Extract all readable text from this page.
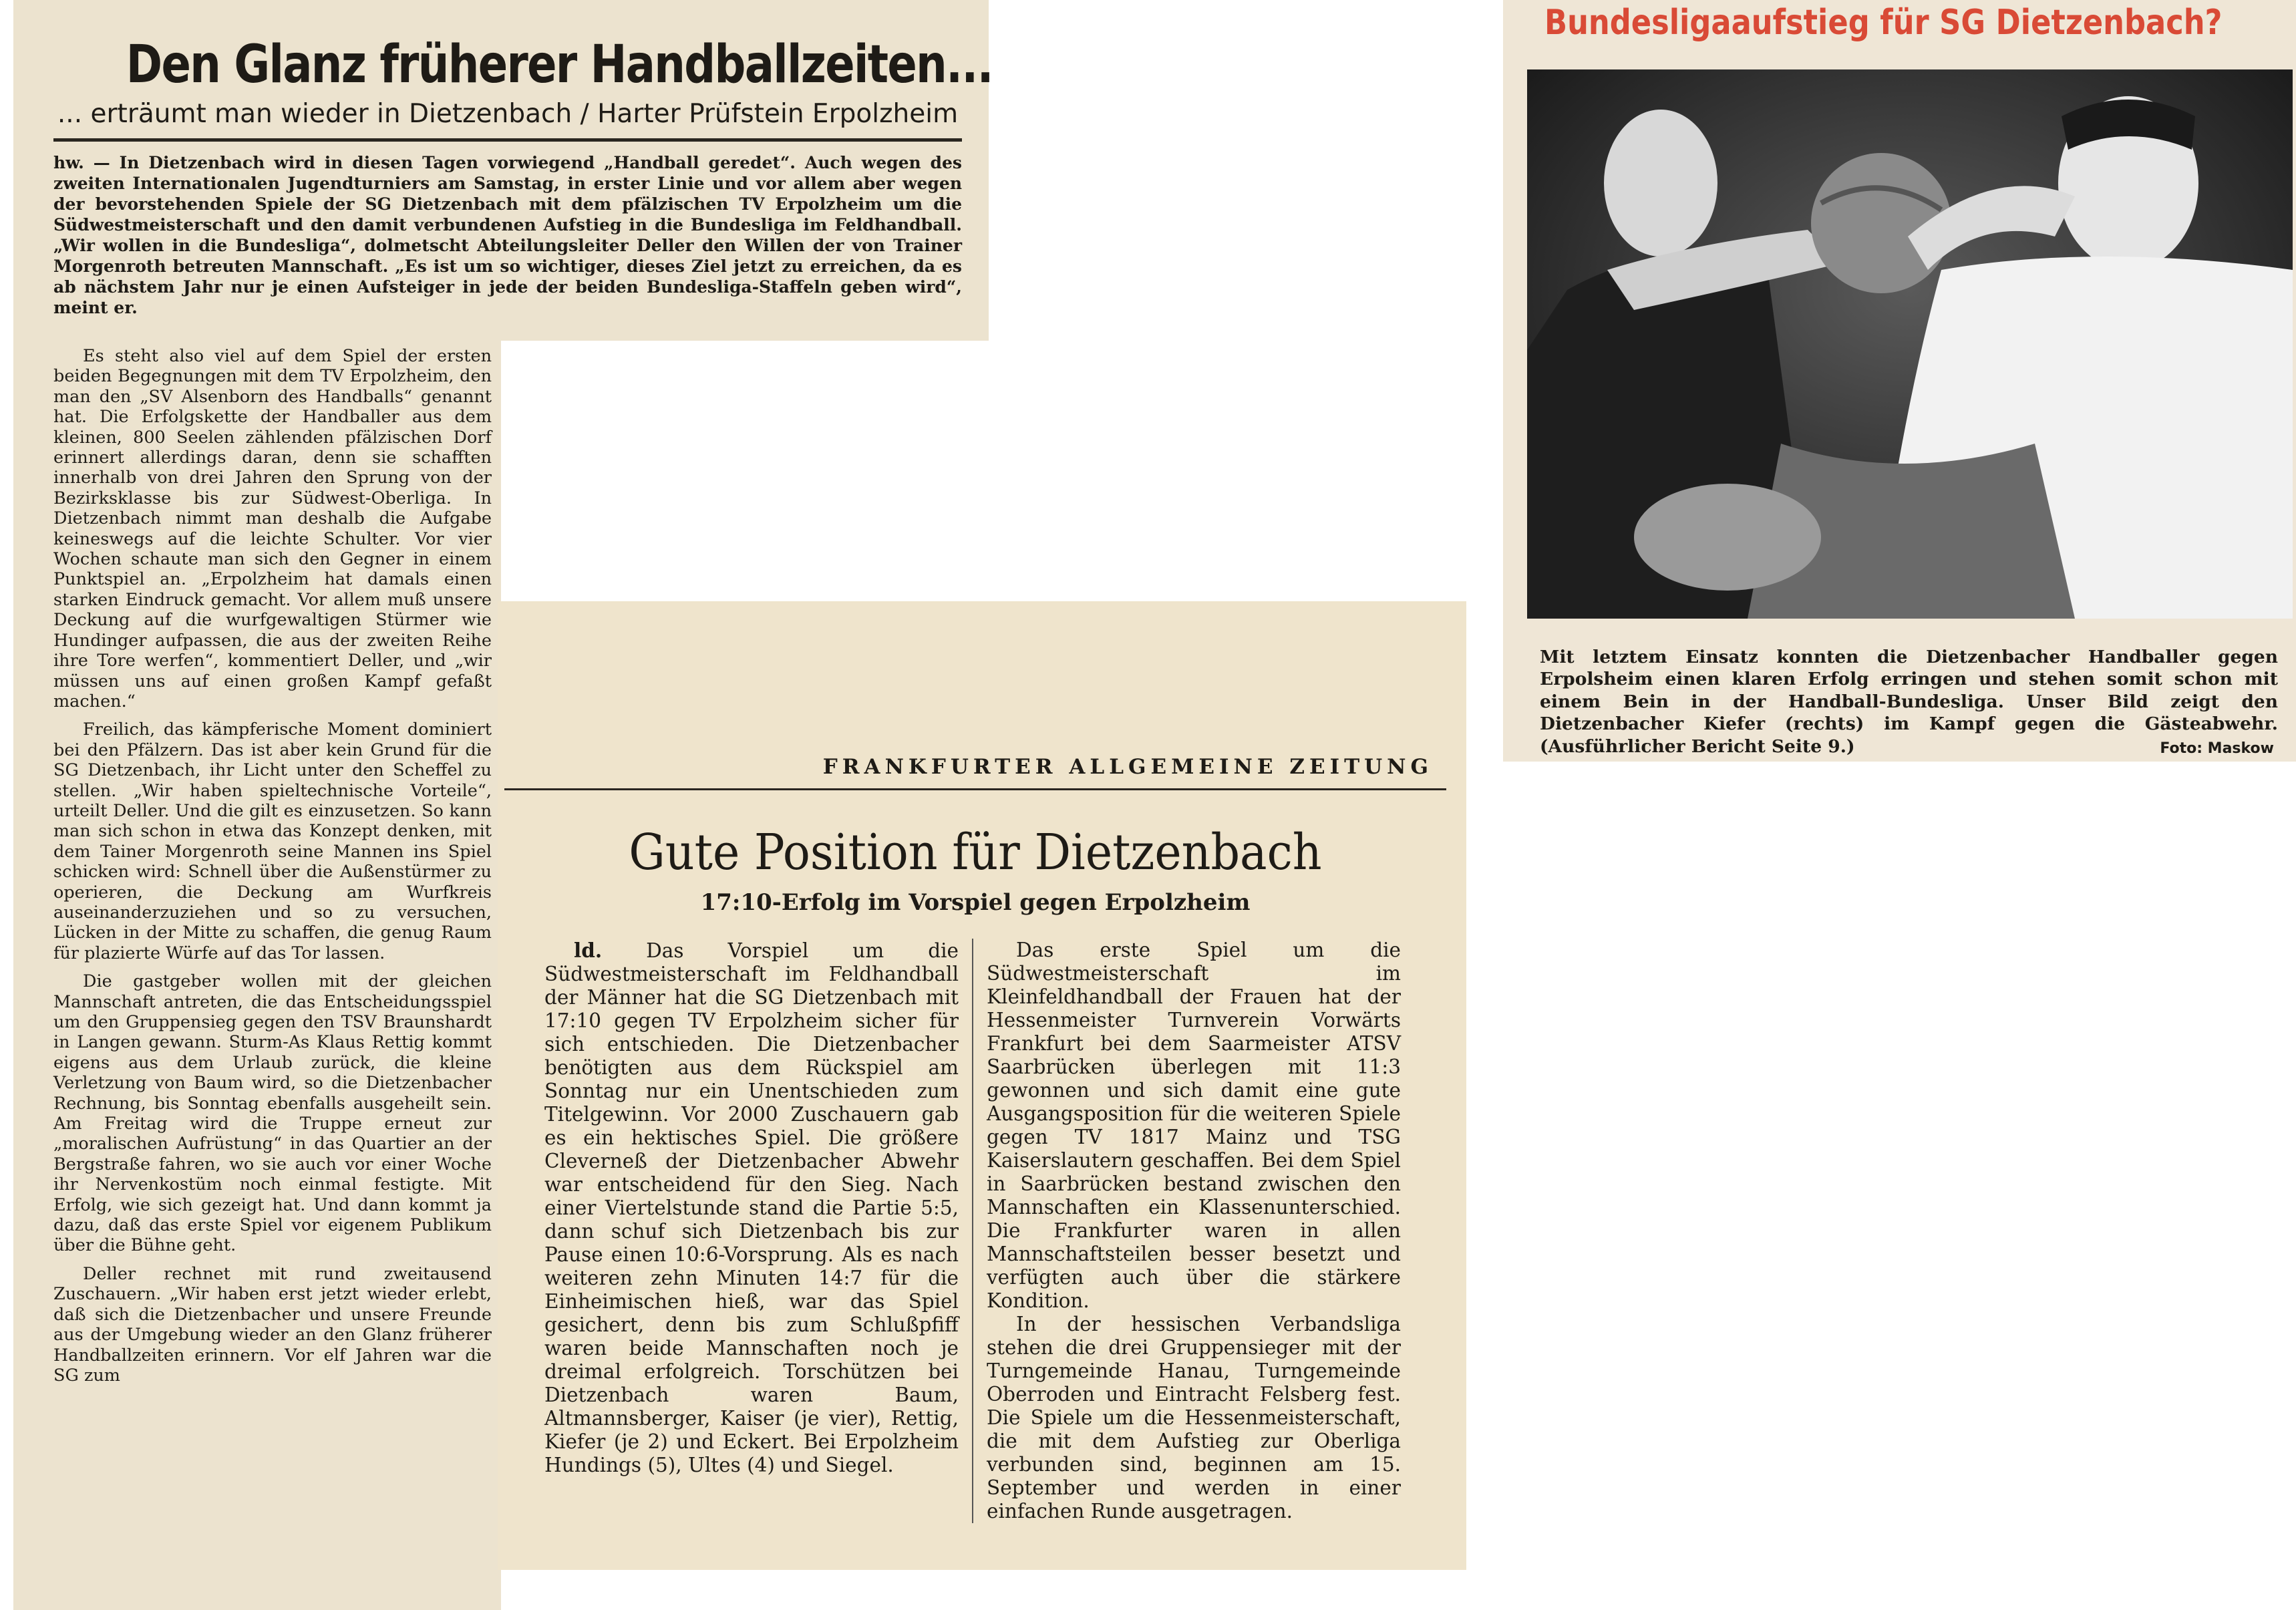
Den Glanz früherer Handballzeiten...
... erträumt man wieder in Dietzenbach / Harter Prüfstein Erpolzheim

hw. — In Dietzenbach wird in diesen Tagen vorwiegend „Handball geredet“. Auch wegen des zweiten Internationalen Jugendturniers am Samstag, in erster Linie und vor allem aber wegen der bevorstehenden Spiele der SG Dietzenbach mit dem pfälzischen TV Erpolzheim um die Südwestmeisterschaft und den damit verbundenen Aufstieg in die Bundesliga im Feldhandball. „Wir wollen in die Bundesliga“, dolmetscht Abteilungsleiter Deller den Willen der von Trainer Morgenroth betreuten Mannschaft. „Es ist um so wichtiger, dieses Ziel jetzt zu erreichen, da es ab nächstem Jahr nur je einen Aufsteiger in jede der beiden Bundesliga-Staffeln geben wird“, meint er.

Es steht also viel auf dem Spiel der ersten beiden Begegnungen mit dem TV Erpolzheim, den man den „SV Alsenborn des Handballs“ genannt hat. Die Erfolgskette der Handballer aus dem kleinen, 800 Seelen zählenden pfälzischen Dorf erinnert allerdings daran, denn sie schafften innerhalb von drei Jahren den Sprung von der Bezirksklasse bis zur Südwest-Oberliga. In Dietzenbach nimmt man deshalb die Aufgabe keineswegs auf die leichte Schulter. Vor vier Wochen schaute man sich den Gegner in einem Punktspiel an. „Erpolzheim hat damals einen starken Eindruck gemacht. Vor allem muß unsere Deckung auf die wurfgewaltigen Stürmer wie Hundinger aufpassen, die aus der zweiten Reihe ihre Tore werfen“, kommentiert Deller, und „wir müssen uns auf einen großen Kampf gefaßt machen.“

Freilich, das kämpferische Moment dominiert bei den Pfälzern. Das ist aber kein Grund für die SG Dietzenbach, ihr Licht unter den Scheffel zu stellen. „Wir haben spieltechnische Vorteile“, urteilt Deller. Und die gilt es einzusetzen. So kann man sich schon in etwa das Konzept denken, mit dem Tainer Morgenroth seine Mannen ins Spiel schicken wird: Schnell über die Außenstürmer zu operieren, die Deckung am Wurfkreis auseinanderzuziehen und so zu versuchen, Lücken in der Mitte zu schaffen, die genug Raum für plazierte Würfe auf das Tor lassen.

Die gastgeber wollen mit der gleichen Mannschaft antreten, die das Entscheidungsspiel um den Gruppensieg gegen den TSV Braunshardt in Langen gewann. Sturm-As Klaus Rettig kommt eigens aus dem Urlaub zurück, die kleine Verletzung von Baum wird, so die Dietzenbacher Rechnung, bis Sonntag ebenfalls ausgeheilt sein. Am Freitag wird die Truppe erneut zur „moralischen Aufrüstung“ in das Quartier an der Bergstraße fahren, wo sie auch vor einer Woche ihr Nervenkostüm noch einmal festigte. Mit Erfolg, wie sich gezeigt hat. Und dann kommt ja dazu, daß das erste Spiel vor eigenem Publikum über die Bühne geht.

Deller rechnet mit rund zweitausend Zuschauern. „Wir haben erst jetzt wieder erlebt, daß sich die Dietzenbacher und unsere Freunde aus der Umgebung wieder an den Glanz früherer Handballzeiten erinnern. Vor elf Jahren war die SG zum

FRANKFURTER ALLGEMEINE ZEITUNG
Gute Position für Dietzenbach
17:10-Erfolg im Vorspiel gegen Erpolzheim

ld. Das Vorspiel um die Südwestmeisterschaft im Feldhandball der Männer hat die SG Dietzenbach mit 17:10 gegen TV Erpolzheim sicher für sich entschieden. Die Dietzenbacher benötigten aus dem Rückspiel am Sonntag nur ein Unentschieden zum Titelgewinn. Vor 2000 Zuschauern gab es ein hektisches Spiel. Die größere Cleverneß der Dietzenbacher Abwehr war entscheidend für den Sieg. Nach einer Viertelstunde stand die Partie 5:5, dann schuf sich Dietzenbach bis zur Pause einen 10:6-Vorsprung. Als es nach weiteren zehn Minuten 14:7 für die Einheimischen hieß, war das Spiel gesichert, denn bis zum Schlußpfiff waren beide Mannschaften noch je dreimal erfolgreich. Torschützen bei Dietzenbach waren Baum, Altmannsberger, Kaiser (je vier), Rettig, Kiefer (je 2) und Eckert. Bei Erpolzheim Hundings (5), Ultes (4) und Siegel.

Das erste Spiel um die Südwestmeisterschaft im Kleinfeldhandball der Frauen hat der Hessenmeister Turnverein Vorwärts Frankfurt bei dem Saarmeister ATSV Saarbrücken überlegen mit 11:3 gewonnen und sich damit eine gute Ausgangsposition für die weiteren Spiele gegen TV 1817 Mainz und TSG Kaiserslautern geschaffen. Bei dem Spiel in Saarbrücken bestand zwischen den Mannschaften ein Klassenunterschied. Die Frankfurter waren in allen Mannschaftsteilen besser besetzt und verfügten auch über die stärkere Kondition.

In der hessischen Verbandsliga stehen die drei Gruppensieger mit der Turngemeinde Hanau, Turngemeinde Oberroden und Eintracht Felsberg fest. Die Spiele um die Hessenmeisterschaft, die mit dem Aufstieg zur Oberliga verbunden sind, beginnen am 15. September und werden in einer einfachen Runde ausgetragen.

Bundesligaaufstieg für SG Dietzenbach?

Mit letztem Einsatz konnten die Dietzenbacher Handballer gegen Erpolsheim einen klaren Erfolg erringen und stehen somit schon mit einem Bein in der Handball-Bundesliga. Unser Bild zeigt den Dietzenbacher Kiefer (rechts) im Kampf gegen die Gästeabwehr. (Ausführlicher Bericht Seite 9.)	Foto: Maskow
